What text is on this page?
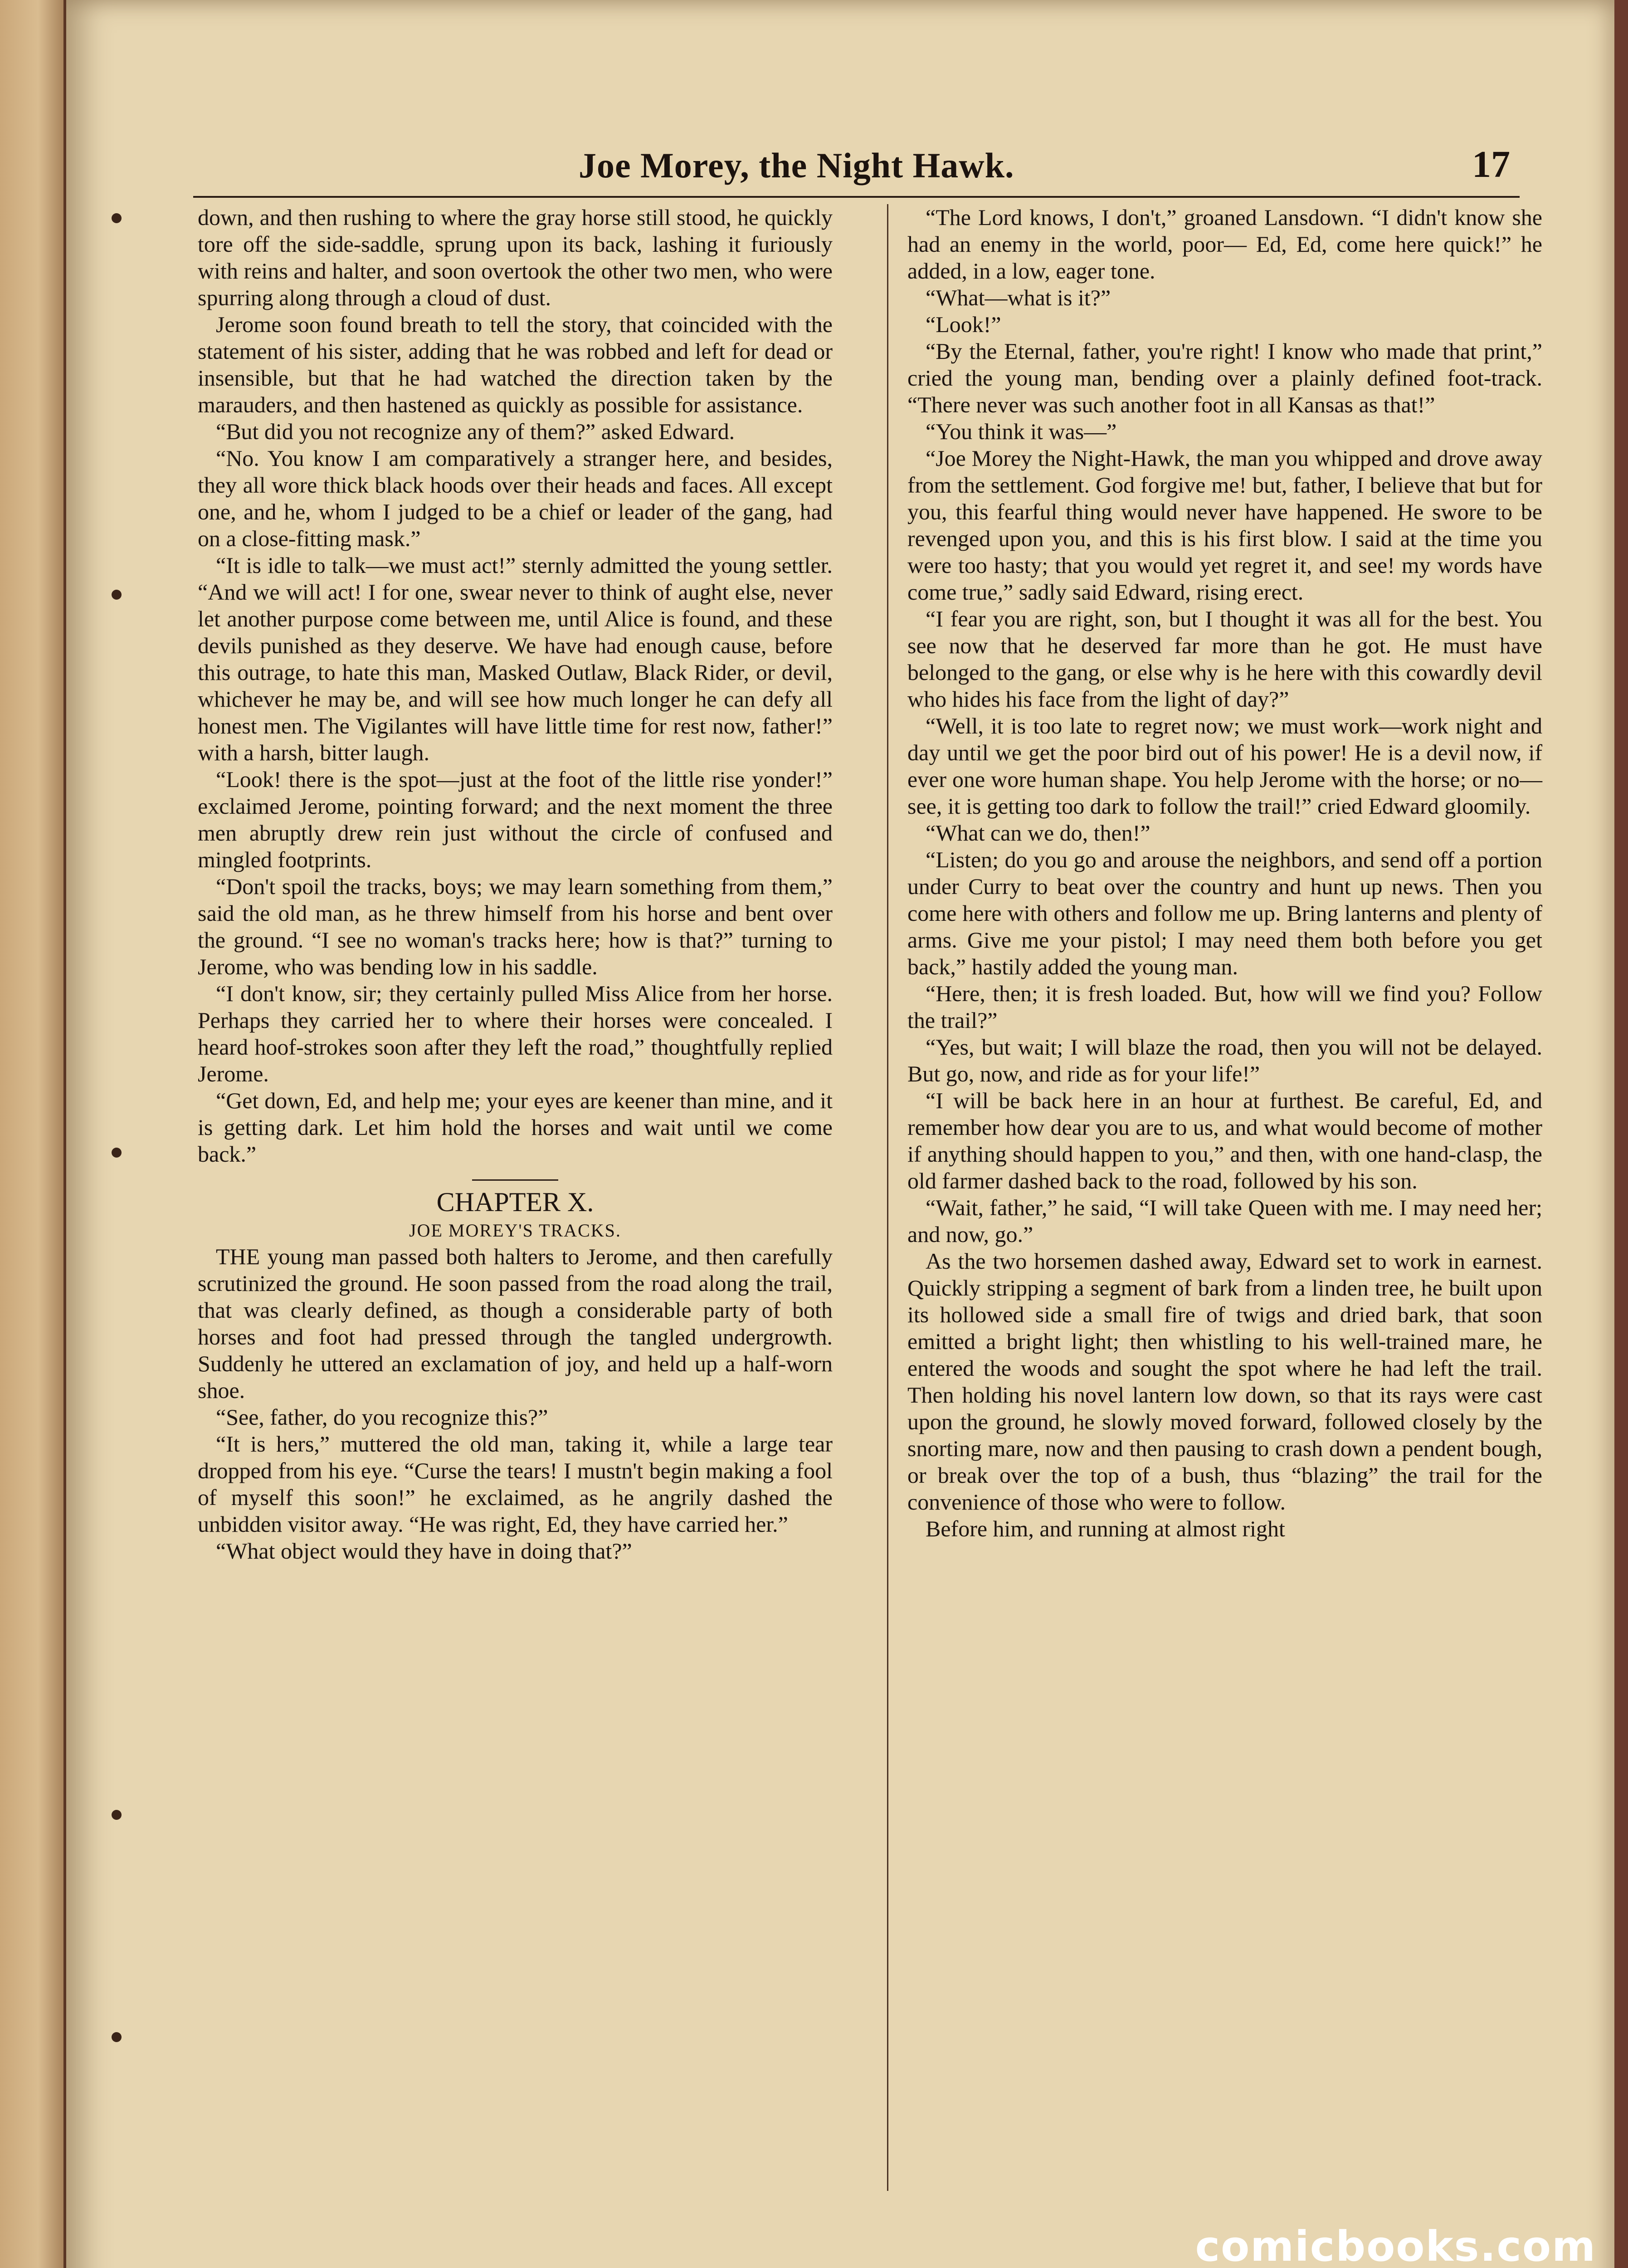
Joe Morey, the Night Hawk.	17

down, and then rushing to where the gray horse still stood, he quickly tore off the side-saddle, sprung upon its back, lashing it furiously with reins and halter, and soon overtook the other two men, who were spurring along through a cloud of dust.

Jerome soon found breath to tell the story, that coincided with the statement of his sister, adding that he was robbed and left for dead or insensible, but that he had watched the direction taken by the marauders, and then hastened as quickly as possible for assistance.

“But did you not recognize any of them?” asked Edward.

“No. You know I am comparatively a stranger here, and besides, they all wore thick black hoods over their heads and faces. All except one, and he, whom I judged to be a chief or leader of the gang, had on a close-fitting mask.”

“It is idle to talk—we must act!” sternly admitted the young settler. “And we will act! I for one, swear never to think of aught else, never let another purpose come between me, until Alice is found, and these devils punished as they deserve. We have had enough cause, before this outrage, to hate this man, Masked Outlaw, Black Rider, or devil, whichever he may be, and will see how much longer he can defy all honest men. The Vigilantes will have little time for rest now, father!” with a harsh, bitter laugh.

“Look! there is the spot—just at the foot of the little rise yonder!” exclaimed Jerome, pointing forward; and the next moment the three men abruptly drew rein just without the circle of confused and mingled footprints.

“Don't spoil the tracks, boys; we may learn something from them,” said the old man, as he threw himself from his horse and bent over the ground. “I see no woman's tracks here; how is that?” turning to Jerome, who was bending low in his saddle.

“I don't know, sir; they certainly pulled Miss Alice from her horse. Perhaps they carried her to where their horses were concealed. I heard hoof-strokes soon after they left the road,” thoughtfully replied Jerome.

“Get down, Ed, and help me; your eyes are keener than mine, and it is getting dark. Let him hold the horses and wait until we come back.”

CHAPTER X.

JOE MOREY'S TRACKS.

THE young man passed both halters to Jerome, and then carefully scrutinized the ground. He soon passed from the road along the trail, that was clearly defined, as though a considerable party of both horses and foot had pressed through the tangled undergrowth. Suddenly he uttered an exclamation of joy, and held up a half-worn shoe.

“See, father, do you recognize this?”

“It is hers,” muttered the old man, taking it, while a large tear dropped from his eye. “Curse the tears! I mustn't begin making a fool of myself this soon!” he exclaimed, as he angrily dashed the unbidden visitor away. “He was right, Ed, they have carried her.”

“What object would they have in doing that?”

“The Lord knows, I don't,” groaned Lansdown. “I didn't know she had an enemy in the world, poor— Ed, Ed, come here quick!” he added, in a low, eager tone.

“What—what is it?”

“Look!”

“By the Eternal, father, you're right! I know who made that print,” cried the young man, bending over a plainly defined foot-track. “There never was such another foot in all Kansas as that!”

“You think it was—”

“Joe Morey the Night-Hawk, the man you whipped and drove away from the settlement. God forgive me! but, father, I believe that but for you, this fearful thing would never have happened. He swore to be revenged upon you, and this is his first blow. I said at the time you were too hasty; that you would yet regret it, and see! my words have come true,” sadly said Edward, rising erect.

“I fear you are right, son, but I thought it was all for the best. You see now that he deserved far more than he got. He must have belonged to the gang, or else why is he here with this cowardly devil who hides his face from the light of day?”

“Well, it is too late to regret now; we must work—work night and day until we get the poor bird out of his power! He is a devil now, if ever one wore human shape. You help Jerome with the horse; or no—see, it is getting too dark to follow the trail!” cried Edward gloomily.

“What can we do, then!”

“Listen; do you go and arouse the neighbors, and send off a portion under Curry to beat over the country and hunt up news. Then you come here with others and follow me up. Bring lanterns and plenty of arms. Give me your pistol; I may need them both before you get back,” hastily added the young man.

“Here, then; it is fresh loaded. But, how will we find you? Follow the trail?”

“Yes, but wait; I will blaze the road, then you will not be delayed. But go, now, and ride as for your life!”

“I will be back here in an hour at furthest. Be careful, Ed, and remember how dear you are to us, and what would become of mother if anything should happen to you,” and then, with one hand-clasp, the old farmer dashed back to the road, followed by his son.

“Wait, father,” he said, “I will take Queen with me. I may need her; and now, go.”

As the two horsemen dashed away, Edward set to work in earnest. Quickly stripping a segment of bark from a linden tree, he built upon its hollowed side a small fire of twigs and dried bark, that soon emitted a bright light; then whistling to his well-trained mare, he entered the woods and sought the spot where he had left the trail. Then holding his novel lantern low down, so that its rays were cast upon the ground, he slowly moved forward, followed closely by the snorting mare, now and then pausing to crash down a pendent bough, or break over the top of a bush, thus “blazing” the trail for the convenience of those who were to follow.

Before him, and running at almost right

comicbooks.com
